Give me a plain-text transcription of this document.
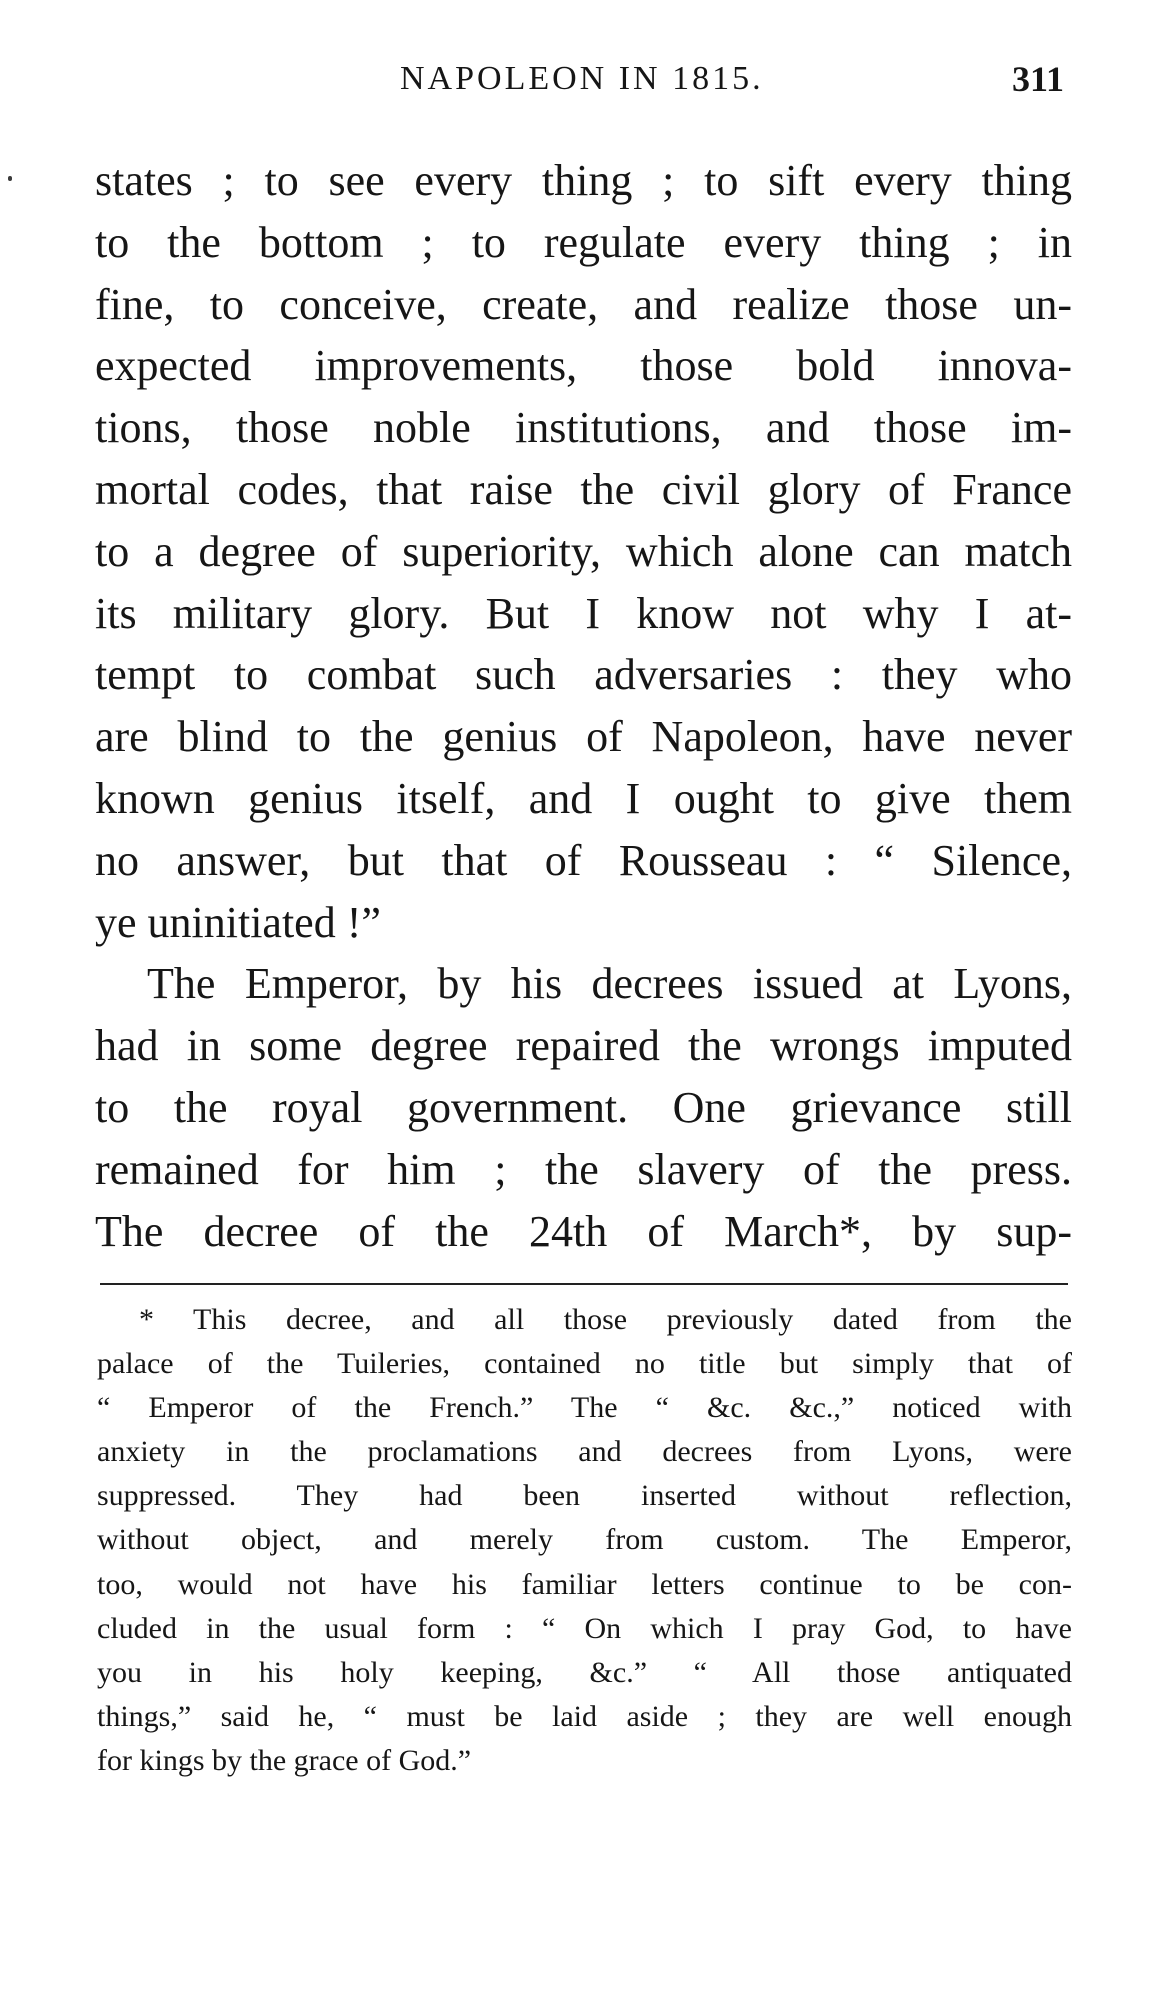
NAPOLEON IN 1815.	311
states ; to see every thing ; to sift every thing
to the bottom ; to regulate every thing ; in
fine, to conceive, create, and realize those un-
expected improvements, those bold innova-
tions, those noble institutions, and those im-
mortal codes, that raise the civil glory of France
to a degree of superiority, which alone can match
its military glory. But I know not why I at-
tempt to combat such adversaries : they who
are blind to the genius of Napoleon, have never
known genius itself, and I ought to give them
no answer, but that of Rousseau : “ Silence,
ye uninitiated !”
The Emperor, by his decrees issued at Lyons,
had in some degree repaired the wrongs imputed
to the royal government. One grievance still
remained for him ; the slavery of the press.
The decree of the 24th of March*, by sup-
* This decree, and all those previously dated from the
palace of the Tuileries, contained no title but simply that of
“ Emperor of the French.” The “ &c. &c.,” noticed with
anxiety in the proclamations and decrees from Lyons, were
suppressed. They had been inserted without reflection,
without object, and merely from custom. The Emperor,
too, would not have his familiar letters continue to be con-
cluded in the usual form : “ On which I pray God, to have
you in his holy keeping, &c.” “ All those antiquated
things,” said he, “ must be laid aside ; they are well enough
for kings by the grace of God.”
